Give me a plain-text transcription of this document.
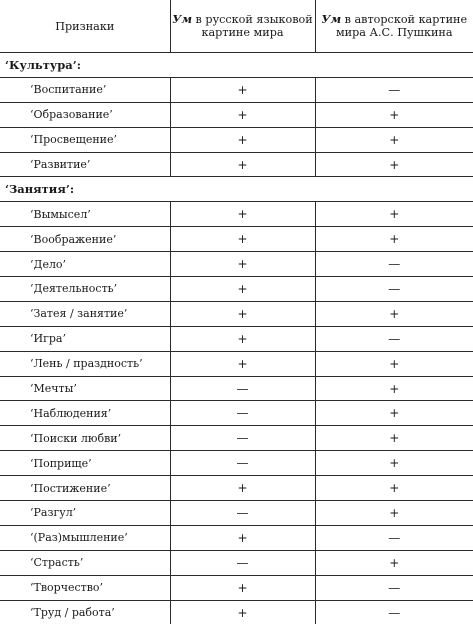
Признаки	Ум в русской языковой картине мира	Ум в авторской картине мира А.С. Пушкина
‘Культура’:		
‘Воспитание’	+	—
‘Образование’	+	+
‘Просвещение’	+	+
‘Развитие’	+	+
‘Занятия’:		
‘Вымысел’	+	+
‘Воображение’	+	+
‘Дело’	+	—
‘Деятельность’	+	—
‘Затея / занятие’	+	+
‘Игра’	+	—
‘Лень / праздность’	+	+
‘Мечты’	—	+
‘Наблюдения’	—	+
‘Поиски любви’	—	+
‘Поприще’	—	+
‘Постижение’	+	+
‘Разгул’	—	+
‘(Раз)мышление’	+	—
‘Страсть’	—	+
‘Творчество’	+	—
‘Труд / работа’	+	—
